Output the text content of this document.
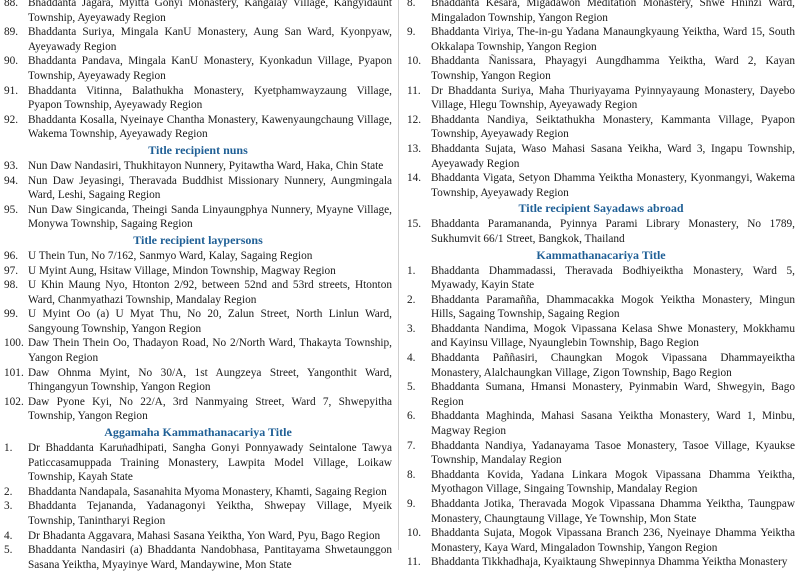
88. Bhaddanta Jagara, Myitta Gonyi Monastery, Kangalay Village, Kangyidaunt Township, Ayeyawady Region
89. Bhaddanta Suriya, Mingala KanU Monastery, Aung San Ward, Kyonpyaw, Ayeyawady Region
90. Bhaddanta Pandava, Mingala KanU Monastery, Kyonkadun Village, Pyapon Township, Ayeyawady Region
91. Bhaddanta Vitinna, Balathukha Monastery, Kyetphamwayzaung Village, Pyapon Township, Ayeyawady Region
92. Bhaddanta Kosalla, Nyeinaye Chantha Monastery, Kawenyaungchaung Village, Wakema Township, Ayeyawady Region
Title recipient nuns
93. Nun Daw Nandasiri, Thukhitayon Nunnery, Pyitawtha Ward, Haka, Chin State
94. Nun Daw Jeyasingi, Theravada Buddhist Missionary Nunnery, Aungmingala Ward, Leshi, Sagaing Region
95. Nun Daw Singicanda, Theingi Sanda Linyaungphya Nunnery, Myayne Village, Monywa Township, Sagaing Region
Title recipient laypersons
96. U Thein Tun, No 7/162, Sanmyo Ward, Kalay, Sagaing Region
97. U Myint Aung, Hsitaw Village, Mindon Township, Magway Region
98. U Khin Maung Nyo, Htonton 2/92, between 52nd and 53rd streets, Htonton Ward, Chanmyathazi Township, Mandalay Region
99. U Myint Oo (a) U Myat Thu, No 20, Zalun Street, North Linlun Ward, Sangyoung Township, Yangon Region
100. Daw Thein Thein Oo, Thadayon Road, No 2/North Ward, Thakayta Township, Yangon Region
101. Daw Ohnma Myint, No 30/A, 1st Aungzeya Street, Yangonthit Ward, Thingangyun Township, Yangon Region
102. Daw Pyone Kyi, No 22/A, 3rd Nanmyaing Street, Ward 7, Shwepyitha Township, Yangon Region
Aggamaha Kammathanacariya Title
1.	Dr Bhaddanta Karuṅadhipati, Sangha Gonyi Ponnyawady Seintalone Tawya Paticcasamuppada Training Monastery, Lawpita Model Village, Loikaw Township, Kayah State
2.	Bhaddanta Nandapala, Sasanahita Myoma Monastery, Khamti, Sagaing Region
3.	Bhaddanta Tejananda, Yadanagonyi Yeiktha, Shwepay Village, Myeik Township, Tanintharyi Region
4.	Dr Bhadanta Aggavara, Mahasi Sasana Yeiktha, Yon Ward, Pyu, Bago Region
5.	Bhaddanta Nandasiri (a) Bhaddanta Nandobhasa, Pantitayama Shwetaunggon Sasana Yeiktha, Myayinye Ward, Mandaywine, Mon State
8.	Bhaddanta Kesara, Migadawon Meditation Monastery, Shwe Hninzi Ward, Mingaladon Township, Yangon Region
9.	Bhaddanta Viriya, The-in-gu Yadana Manaungkyaung Yeiktha, Ward 15, South Okkalapa Township, Yangon Region
10. Bhaddanta Ñanissara, Phayagyi Aungdhamma Yeiktha, Ward 2, Kayan Township, Yangon Region
11. Dr Bhaddanta Suriya, Maha Thuriyayama Pyinnyayaung Monastery, Dayebo Village, Hlegu Township, Ayeyawady Region
12. Bhaddanta Nandiya, Seiktathukha Monastery, Kammanta Village, Pyapon Township, Ayeyawady Region
13. Bhaddanta Sujata, Waso Mahasi Sasana Yeikha, Ward 3, Ingapu Township, Ayeyawady Region
14. Bhaddanta Vigata, Setyon Dhamma Yeiktha Monastery, Kyonmangyi, Wakema Township, Ayeyawady Region
Title recipient Sayadaws abroad
15. Bhaddanta Paramananda, Pyinnya Parami Library Monastery, No 1789, Sukhumvit 66/1 Street, Bangkok, Thailand
Kammathanacariya Title
1.	Bhaddanta Dhammadassi, Theravada Bodhiyeiktha Monastery, Ward 5, Myawady, Kayin State
2.	Bhaddanta Paramaññа, Dhammacakka Mogok Yeiktha Monastery, Mingun Hills, Sagaing Township, Sagaing Region
3.	Bhaddanta Nandima, Mogok Vipassana Kelasa Shwe Monastery, Mokkhamu and Kayinsu Village, Nyaunglebin Township, Bago Region
4.	Bhaddanta Paññasiri, Chaungkan Mogok Vipassana Dhammayeiktha Monastery, Alalchaungkan Village, Zigon Township, Bago Region
5.	Bhaddanta Sumana, Hmansi Monastery, Pyinmabin Ward, Shwegyin, Bago Region
6.	Bhaddanta Maghinda, Mahasi Sasana Yeiktha Monastery, Ward 1, Minbu, Magway Region
7.	Bhaddanta Nandiya, Yadanayama Tasoe Monastery, Tasoe Village, Kyaukse Township, Mandalay Region
8.	Bhaddanta Kovida, Yadana Linkara Mogok Vipassana Dhamma Yeiktha, Myothagon Village, Singaing Township, Mandalay Region
9.	Bhaddanta Jotika, Theravada Mogok Vipassana Dhamma Yeiktha, Taungpaw Monastery, Chaungtaung Village, Ye Township, Mon State
10. Bhaddanta Sujata, Mogok Vipassana Branch 236, Nyeinaye Dhamma Yeiktha Monastery, Kaya Ward, Mingaladon Township, Yangon Region
11. Bhaddanta Tikkhadhaja, Kyaiktaung Shwepinnya Dhamma Yeiktha Monastery
